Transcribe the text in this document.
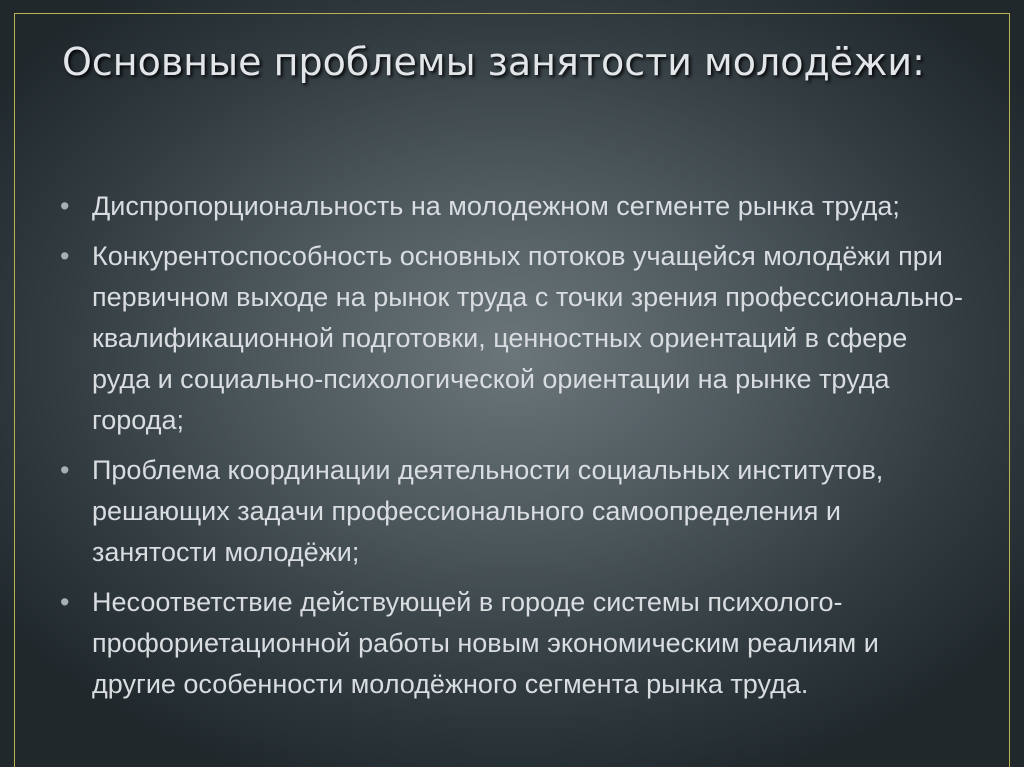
Основные проблемы занятости молодёжи:
• Диспропорциональность на молодежном сегменте рынка труда;
• Конкурентоспособность основных потоков учащейся молодёжи при первичном выходе на рынок труда с точки зрения профессионально-квалификационной подготовки, ценностных ориентаций в сфере руда и социально-психологической ориентации на рынке труда города;
• Проблема координации деятельности социальных институтов, решающих задачи профессионального самоопределения и занятости молодёжи;
• Несоответствие действующей в городе системы психолого-профориетационной работы новым экономическим реалиям и другие особенности молодёжного сегмента рынка труда.
